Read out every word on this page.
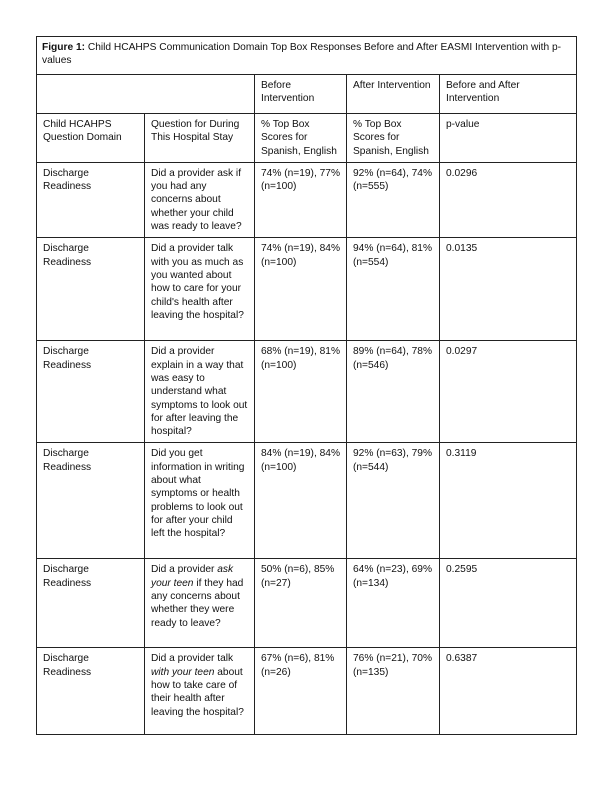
Figure 1: Child HCAHPS Communication Domain Top Box Responses Before and After EASMI Intervention with p-values				
		Before Intervention	After Intervention	Before and After Intervention
Child HCAHPS Question Domain	Question for During This Hospital Stay	% Top Box Scores for Spanish, English	% Top Box Scores for Spanish, English	p-value
Discharge Readiness	Did a provider ask if you had any concerns about whether your child was ready to leave?	74% (n=19), 77% (n=100)	92% (n=64), 74% (n=555)	0.0296
Discharge Readiness	Did a provider talk with you as much as you wanted about how to care for your child's health after leaving the hospital?	74% (n=19), 84% (n=100)	94% (n=64), 81% (n=554)	0.0135
Discharge Readiness	Did a provider explain in a way that was easy to understand what symptoms to look out for after leaving the hospital?	68% (n=19), 81% (n=100)	89% (n=64), 78% (n=546)	0.0297
Discharge Readiness	Did you get information in writing about what symptoms or health problems to look out for after your child left the hospital?	84% (n=19), 84% (n=100)	92% (n=63), 79% (n=544)	0.3119
Discharge Readiness	Did a provider ask your teen if they had any concerns about whether they were ready to leave?	50% (n=6), 85% (n=27)	64% (n=23), 69% (n=134)	0.2595
Discharge Readiness	Did a provider talk with your teen about how to take care of their health after leaving the hospital?	67% (n=6), 81% (n=26)	76% (n=21), 70% (n=135)	0.6387
